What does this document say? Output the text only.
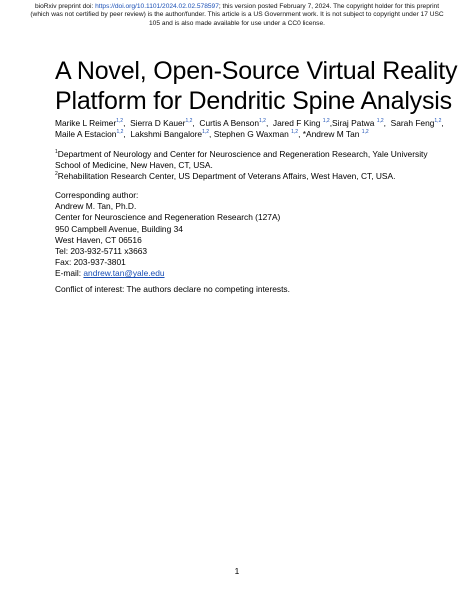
bioRxiv preprint doi: https://doi.org/10.1101/2024.02.02.578597; this version posted February 7, 2024. The copyright holder for this preprint
(which was not certified by peer review) is the author/funder. This article is a US Government work. It is not subject to copyright under 17 USC
105 and is also made available for use under a CC0 license.
A Novel, Open-Source Virtual Reality
Platform for Dendritic Spine Analysis
Marike L Reimer$^{1,2}$,  Sierra D Kauer$^{1,2}$,  Curtis A Benson$^{1,2}$,  Jared F King $^{1,2}$,Siraj Patwa $^{1,2}$,  Sarah Feng$^{1,2}$,
Maile A Estacion$^{1,2}$,  Lakshmi Bangalore$^{1,2}$, Stephen G Waxman $^{1,2}$, *Andrew M Tan $^{1,2}$
$^1$Department of Neurology and Center for Neuroscience and Regeneration Research, Yale University
School of Medicine, New Haven, CT, USA.
$^2$Rehabilitation Research Center, US Department of Veterans Affairs, West Haven, CT, USA.
Corresponding author:
Andrew M. Tan, Ph.D.
Center for Neuroscience and Regeneration Research (127A)
950 Campbell Avenue, Building 34
West Haven, CT 06516
Tel: 203-932-5711 x3663
Fax: 203-937-3801
E-mail: andrew.tan@yale.edu
Conflict of interest: The authors declare no competing interests.
1
